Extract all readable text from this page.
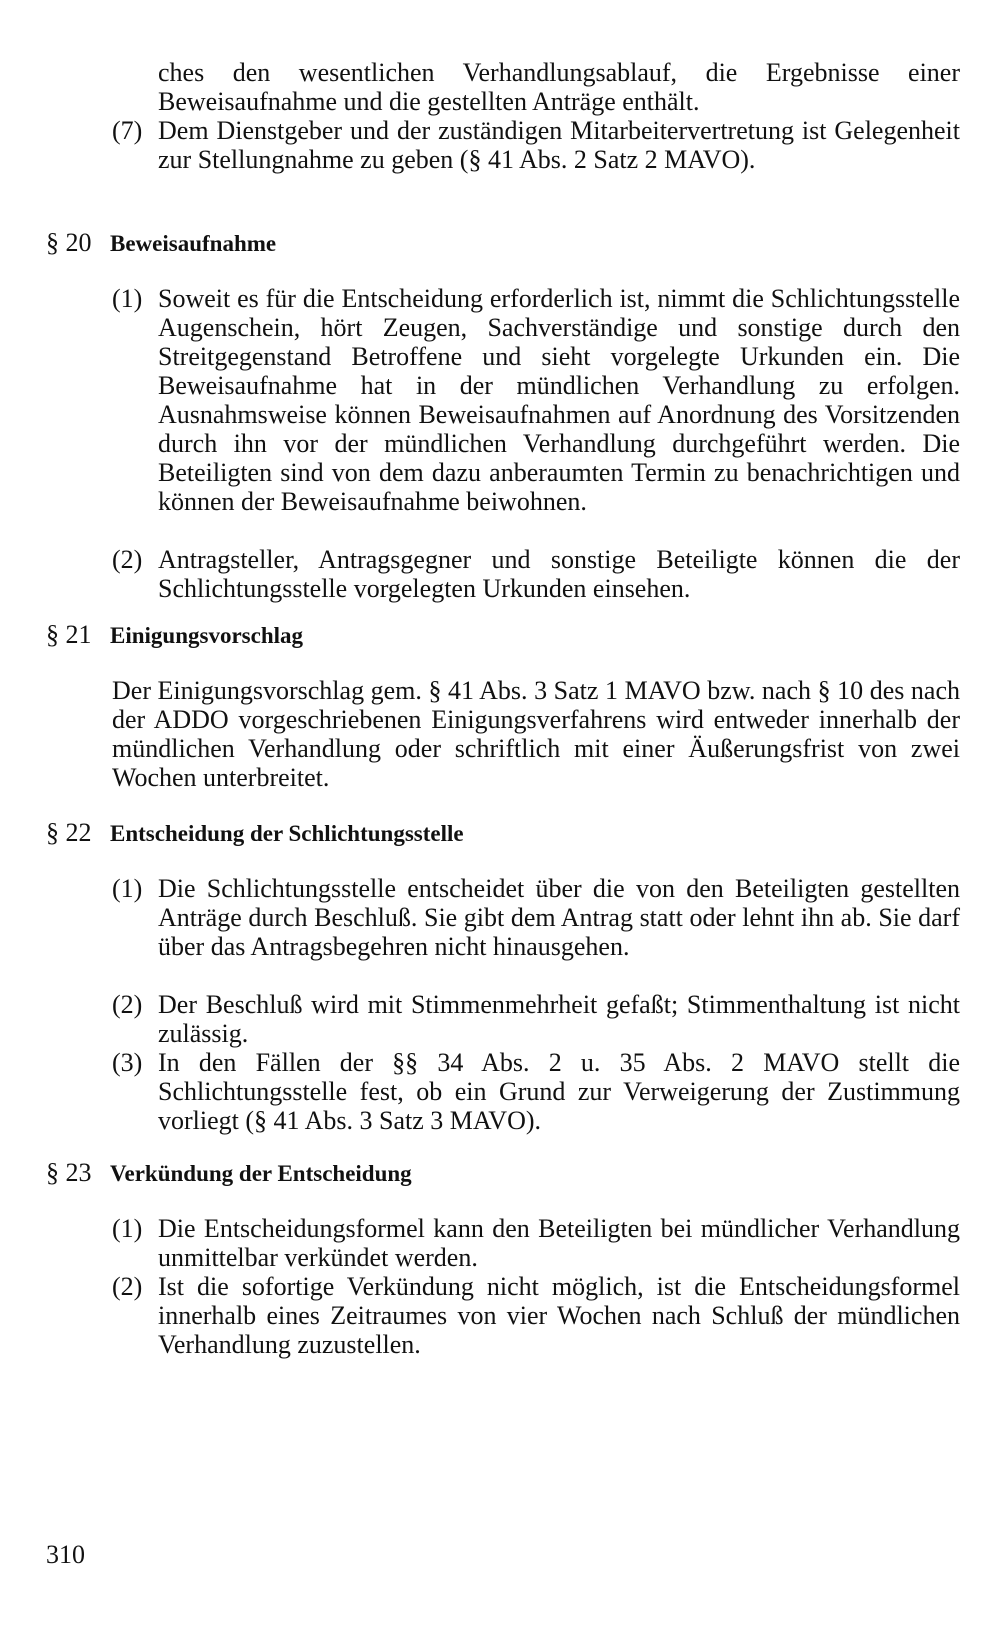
ches den wesentlichen Verhandlungsablauf, die Ergebnisse einer Beweisaufnahme und die gestellten Anträge enthält.

(7) Dem Dienstgeber und der zuständigen Mitarbeitervertretung ist Gelegenheit zur Stellungnahme zu geben (§ 41 Abs. 2 Satz 2 MAVO).

§ 20 Beweisaufnahme
(1) Soweit es für die Entscheidung erforderlich ist, nimmt die Schlichtungsstelle Augenschein, hört Zeugen, Sachverständige und sonstige durch den Streitgegenstand Betroffene und sieht vorgelegte Urkunden ein. Die Beweisaufnahme hat in der mündlichen Verhandlung zu erfolgen. Ausnahmsweise können Beweisaufnahmen auf Anordnung des Vorsitzenden durch ihn vor der mündlichen Verhandlung durchgeführt werden. Die Beteiligten sind von dem dazu anberaumten Termin zu benachrichtigen und können der Beweisaufnahme beiwohnen.

(2) Antragsteller, Antragsgegner und sonstige Beteiligte können die der Schlichtungsstelle vorgelegten Urkunden einsehen.

§ 21 Einigungsvorschlag

Der Einigungsvorschlag gem. § 41 Abs. 3 Satz 1 MAVO bzw. nach § 10 des nach der ADDO vorgeschriebenen Einigungsverfahrens wird entweder innerhalb der mündlichen Verhandlung oder schriftlich mit einer Äußerungsfrist von zwei Wochen unterbreitet.

§ 22 Entscheidung der Schlichtungsstelle
(1) Die Schlichtungsstelle entscheidet über die von den Beteiligten gestellten Anträge durch Beschluß. Sie gibt dem Antrag statt oder lehnt ihn ab. Sie darf über das Antragsbegehren nicht hinausgehen.

(2) Der Beschluß wird mit Stimmenmehrheit gefaßt; Stimmenthaltung ist nicht zulässig.

(3) In den Fällen der §§ 34 Abs. 2 u. 35 Abs. 2 MAVO stellt die Schlichtungsstelle fest, ob ein Grund zur Verweigerung der Zustimmung vorliegt (§ 41 Abs. 3 Satz 3 MAVO).

§ 23 Verkündung der Entscheidung
(1) Die Entscheidungsformel kann den Beteiligten bei mündlicher Verhandlung unmittelbar verkündet werden.

(2) Ist die sofortige Verkündung nicht möglich, ist die Entscheidungsformel innerhalb eines Zeitraumes von vier Wochen nach Schluß der mündlichen Verhandlung zuzustellen.

310
